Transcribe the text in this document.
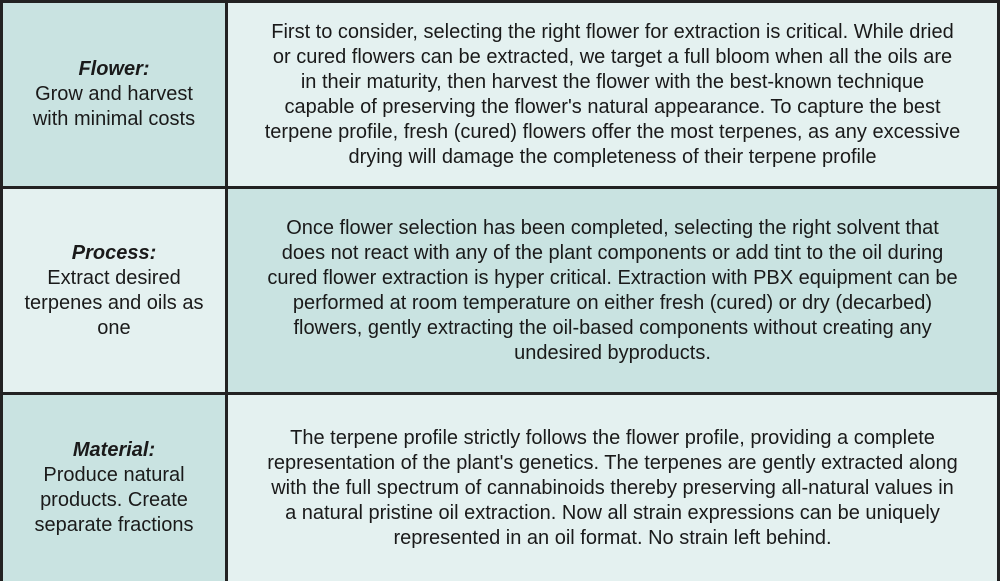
Flower:
Grow and harvest
with minimal costs
First to consider, selecting the right flower for extraction is critical. While dried
or cured flowers can be extracted, we target a full bloom when all the oils are
in their maturity, then harvest the flower with the best-known technique
capable of preserving the flower's natural appearance. To capture the best
terpene profile, fresh (cured) flowers offer the most terpenes, as any excessive
drying will damage the completeness of their terpene profile
Process:
Extract desired
terpenes and oils as
one
Once flower selection has been completed, selecting the right solvent that
does not react with any of the plant components or add tint to the oil during
cured flower extraction is hyper critical. Extraction with PBX equipment can be
performed at room temperature on either fresh (cured) or dry (decarbed)
flowers, gently extracting the oil-based components without creating any
undesired byproducts.
Material:
Produce natural
products. Create
separate fractions
The terpene profile strictly follows the flower profile, providing a complete
representation of the plant's genetics. The terpenes are gently extracted along
with the full spectrum of cannabinoids thereby preserving all-natural values in
a natural pristine oil extraction. Now all strain expressions can be uniquely
represented in an oil format. No strain left behind.
